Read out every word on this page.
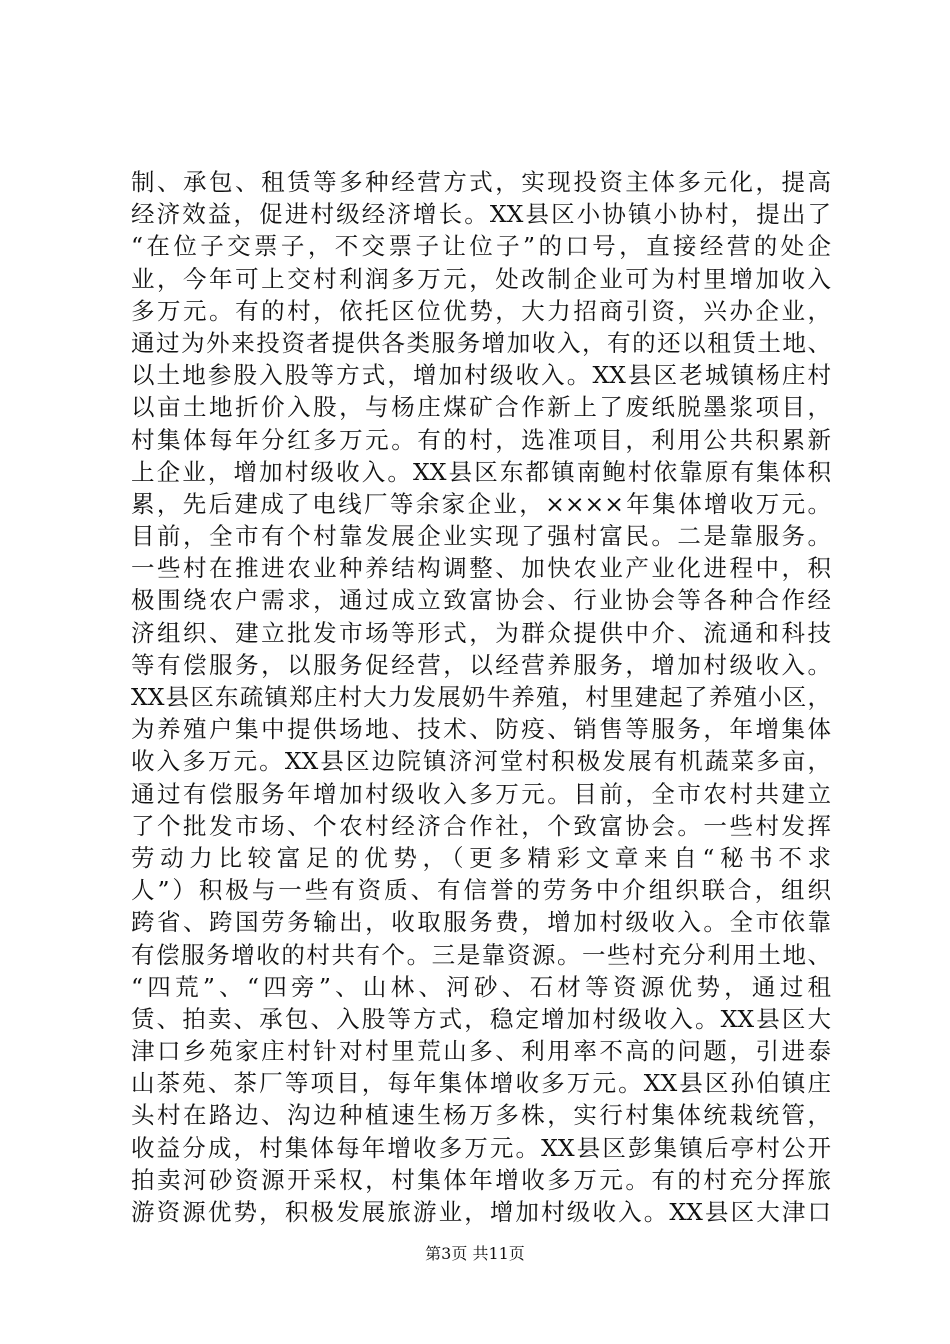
制、承包、租赁等多种经营方式，实现投资主体多元化，提高
经济效益，促进村级经济增长。XX县区小协镇小协村，提出了
“在位子交票子，不交票子让位子”的口号，直接经营的处企
业，今年可上交村利润多万元，处改制企业可为村里增加收入
多万元。有的村，依托区位优势，大力招商引资，兴办企业，
通过为外来投资者提供各类服务增加收入，有的还以租赁土地、
以土地参股入股等方式，增加村级收入。XX县区老城镇杨庄村
以亩土地折价入股，与杨庄煤矿合作新上了废纸脱墨浆项目，
村集体每年分红多万元。有的村，选准项目，利用公共积累新
上企业，增加村级收入。XX县区东都镇南鲍村依靠原有集体积
累，先后建成了电线厂等余家企业，××××年集体增收万元。
目前，全市有个村靠发展企业实现了强村富民。二是靠服务。
一些村在推进农业种养结构调整、加快农业产业化进程中，积
极围绕农户需求，通过成立致富协会、行业协会等各种合作经
济组织、建立批发市场等形式，为群众提供中介、流通和科技
等有偿服务，以服务促经营，以经营养服务，增加村级收入。
XX县区东疏镇郑庄村大力发展奶牛养殖，村里建起了养殖小区，
为养殖户集中提供场地、技术、防疫、销售等服务，年增集体
收入多万元。XX县区边院镇济河堂村积极发展有机蔬菜多亩，
通过有偿服务年增加村级收入多万元。目前，全市农村共建立
了个批发市场、个农村经济合作社，个致富协会。一些村发挥
劳动力比较富足的优势，（更多精彩文章来自“秘书不求
人”）积极与一些有资质、有信誉的劳务中介组织联合，组织
跨省、跨国劳务输出，收取服务费，增加村级收入。全市依靠
有偿服务增收的村共有个。三是靠资源。一些村充分利用土地、
“四荒”、“四旁”、山林、河砂、石材等资源优势，通过租
赁、拍卖、承包、入股等方式，稳定增加村级收入。XX县区大
津口乡苑家庄村针对村里荒山多、利用率不高的问题，引进泰
山茶苑、茶厂等项目，每年集体增收多万元。XX县区孙伯镇庄
头村在路边、沟边种植速生杨万多株，实行村集体统栽统管，
收益分成，村集体每年增收多万元。XX县区彭集镇后亭村公开
拍卖河砂资源开采权，村集体年增收多万元。有的村充分挥旅
游资源优势，积极发展旅游业，增加村级收入。XX县区大津口
第3页 共11页
